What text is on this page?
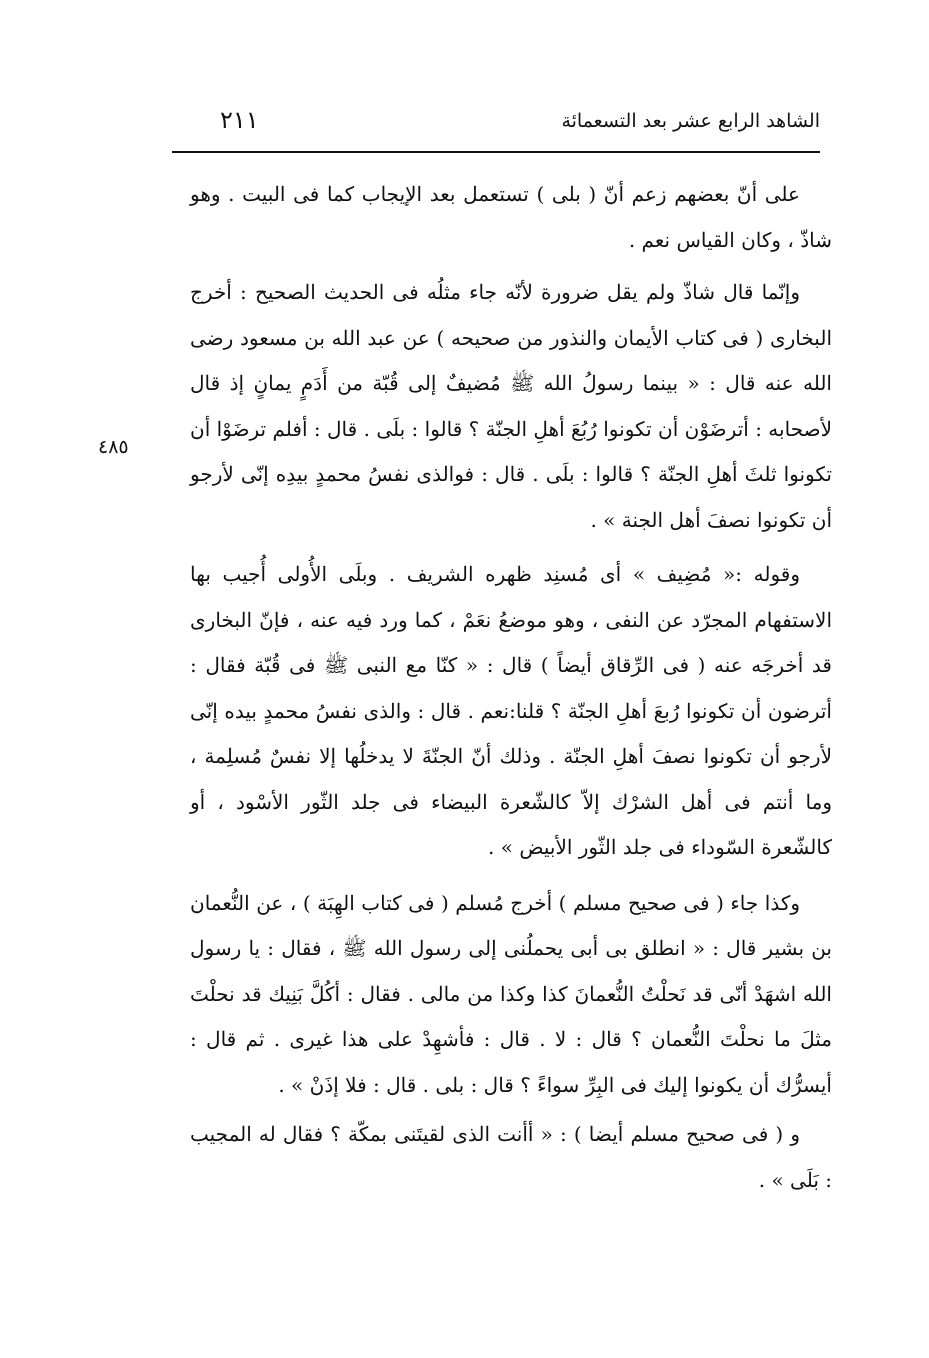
الشاهد الرابع عشر بعد التسعمائة
٢١١
٤٨٥

على أنّ بعضهم زعم أنّ ( بلى ) تستعمل بعد الإيجاب كما فى البيت . وهو شاذّ ، وكان القياس نعم .

وإنّما قال شاذّ ولم يقل ضرورة لأنّه جاء مثلُه فى الحديث الصحيح : أخرج البخارى ( فى كتاب الأيمان والنذور من صحيحه ) عن عبد الله بن مسعود رضى الله عنه قال : « بينما رسولُ الله ﷺ مُضيفٌ إلى قُبّة من أَدَمٍ يمانٍ إذ قال لأصحابه : أترضَوْن أن تكونوا رُبُعَ أهلِ الجنّة ؟ قالوا : بلَى . قال : أفلم ترضَوْا أن تكونوا ثلثَ أهلِ الجنّة ؟ قالوا : بلَى . قال : فوالذى نفسُ محمدٍ بيدِه إنّى لأرجو أن تكونوا نصفَ أهل الجنة » .

وقوله :« مُضِيف » أى مُسنِد ظهره الشريف . وبلَى الأُولى أُجيب بها الاستفهام المجرّد عن النفى ، وهو موضعُ نعَمْ ، كما ورد فيه عنه ، فإنّ البخارى قد أخرجَه عنه ( فى الرِّقاق أيضاً ) قال : « كنّا مع النبى ﷺ فى قُبّة فقال : أترضون أن تكونوا رُبعَ أهلِ الجنّة ؟ قلنا:نعم . قال : والذى نفسُ محمدٍ بيده إنّى لأرجو أن تكونوا نصفَ أهلِ الجنّة . وذلك أنّ الجنّةَ لا يدخلُها إلا نفسٌ مُسلِمة ، وما أنتم فى أهل الشرْك إلاّ كالشّعرة البيضاء فى جلد الثّور الأسْود ، أو كالشّعرة السّوداء فى جلد الثّور الأبيض » .

وكذا جاء ( فى صحيح مسلم ) أخرج مُسلم ( فى كتاب الهِبَة ) ، عن النُّعمان بن بشير قال : « انطلق بى أبى يحملُنى إلى رسول الله ﷺ ، فقال : يا رسول الله اشهَدْ أنّى قد نَحلْتُ النُّعمانَ كذا وكذا من مالى . فقال : أكُلَّ بَنِيك قد نحلْتَ مثلَ ما نحلْتَ النُّعمان ؟ قال : لا . قال : فأشهِدْ على هذا غيرى . ثم قال : أيسرُّك أن يكونوا إليك فى البِرِّ سواءً ؟ قال : بلى . قال : فلا إذَنْ » .

و ( فى صحيح مسلم أيضا ) : « أأنت الذى لقيتَنى بمكّة ؟ فقال له المجيب : بَلَى » .
